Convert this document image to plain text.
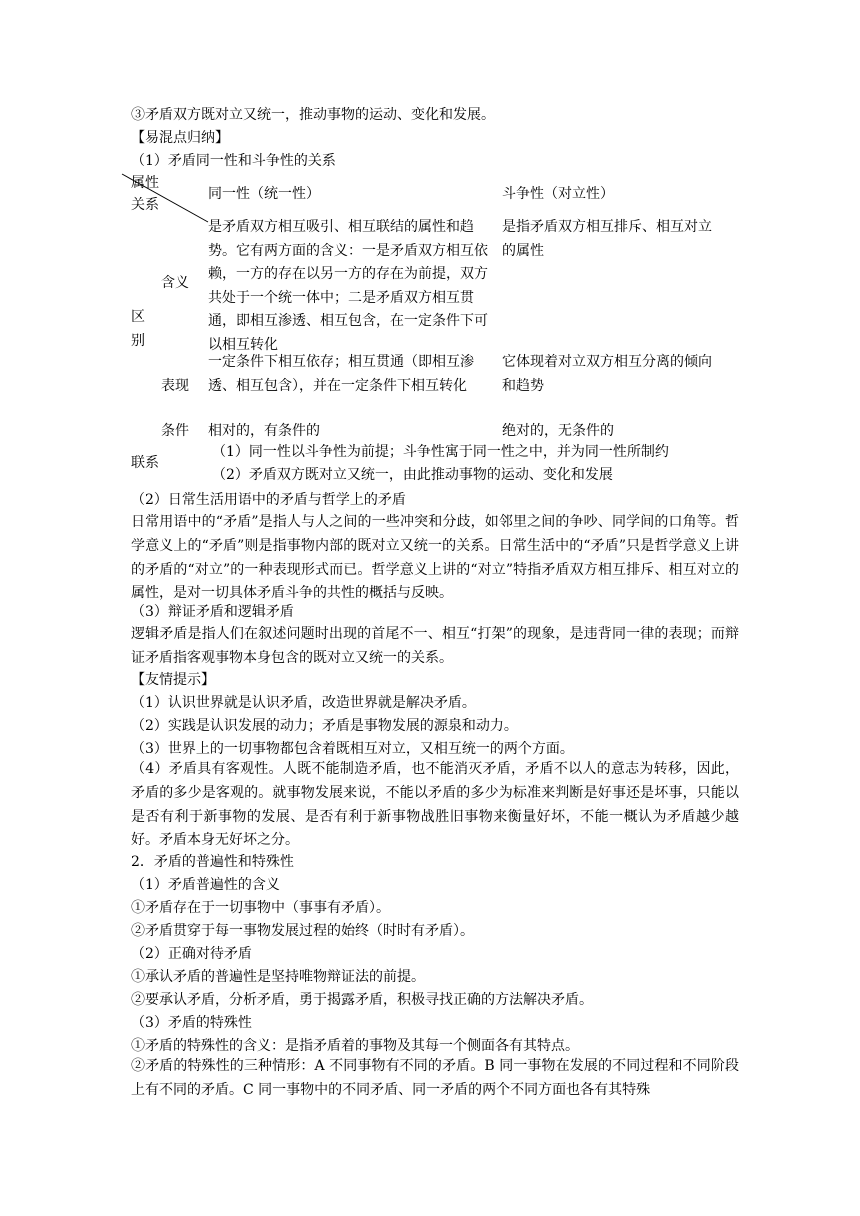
③矛盾双方既对立又统一，推动事物的运动、变化和发展。
【易混点归纳】
（1）矛盾同一性和斗争性的关系
属性
关系
同一性（统一性）	斗争性（对立性）
区
别
含义
是矛盾双方相互吸引、相互联结的属性和趋势。它有两方面的含义：一是矛盾双方相互依赖，一方的存在以另一方的存在为前提，双方共处于一个统一体中；二是矛盾双方相互贯通，即相互渗透、相互包含，在一定条件下可以相互转化
是指矛盾双方相互排斥、相互对立的属性
表现
一定条件下相互依存；相互贯通（即相互渗透、相互包含），并在一定条件下相互转化
它体现着对立双方相互分离的倾向和趋势
条件 相对的，有条件的	绝对的，无条件的
联系
（1）同一性以斗争性为前提；斗争性寓于同一性之中，并为同一性所制约
（2）矛盾双方既对立又统一，由此推动事物的运动、变化和发展
（2）日常生活用语中的矛盾与哲学上的矛盾
日常用语中的“矛盾”是指人与人之间的一些冲突和分歧，如邻里之间的争吵、同学间的口角等。哲学意义上的“矛盾”则是指事物内部的既对立又统一的关系。日常生活中的“矛盾”只是哲学意义上讲的矛盾的“对立”的一种表现形式而已。哲学意义上讲的“对立”特指矛盾双方相互排斥、相互对立的属性，是对一切具体矛盾斗争的共性的概括与反映。
（3）辩证矛盾和逻辑矛盾
逻辑矛盾是指人们在叙述问题时出现的首尾不一、相互“打架”的现象，是违背同一律的表现；而辩证矛盾指客观事物本身包含的既对立又统一的关系。
【友情提示】
（1）认识世界就是认识矛盾，改造世界就是解决矛盾。
（2）实践是认识发展的动力；矛盾是事物发展的源泉和动力。
（3）世界上的一切事物都包含着既相互对立，又相互统一的两个方面。
（4）矛盾具有客观性。人既不能制造矛盾，也不能消灭矛盾，矛盾不以人的意志为转移，因此，矛盾的多少是客观的。就事物发展来说，不能以矛盾的多少为标准来判断是好事还是坏事，只能以是否有利于新事物的发展、是否有利于新事物战胜旧事物来衡量好坏，不能一概认为矛盾越少越好。矛盾本身无好坏之分。
2．矛盾的普遍性和特殊性
（1）矛盾普遍性的含义
①矛盾存在于一切事物中（事事有矛盾）。
②矛盾贯穿于每一事物发展过程的始终（时时有矛盾）。
（2）正确对待矛盾
①承认矛盾的普遍性是坚持唯物辩证法的前提。
②要承认矛盾，分析矛盾，勇于揭露矛盾，积极寻找正确的方法解决矛盾。
（3）矛盾的特殊性
①矛盾的特殊性的含义：是指矛盾着的事物及其每一个侧面各有其特点。
②矛盾的特殊性的三种情形：A 不同事物有不同的矛盾。B 同一事物在发展的不同过程和不同阶段上有不同的矛盾。C 同一事物中的不同矛盾、同一矛盾的两个不同方面也各有其特殊
